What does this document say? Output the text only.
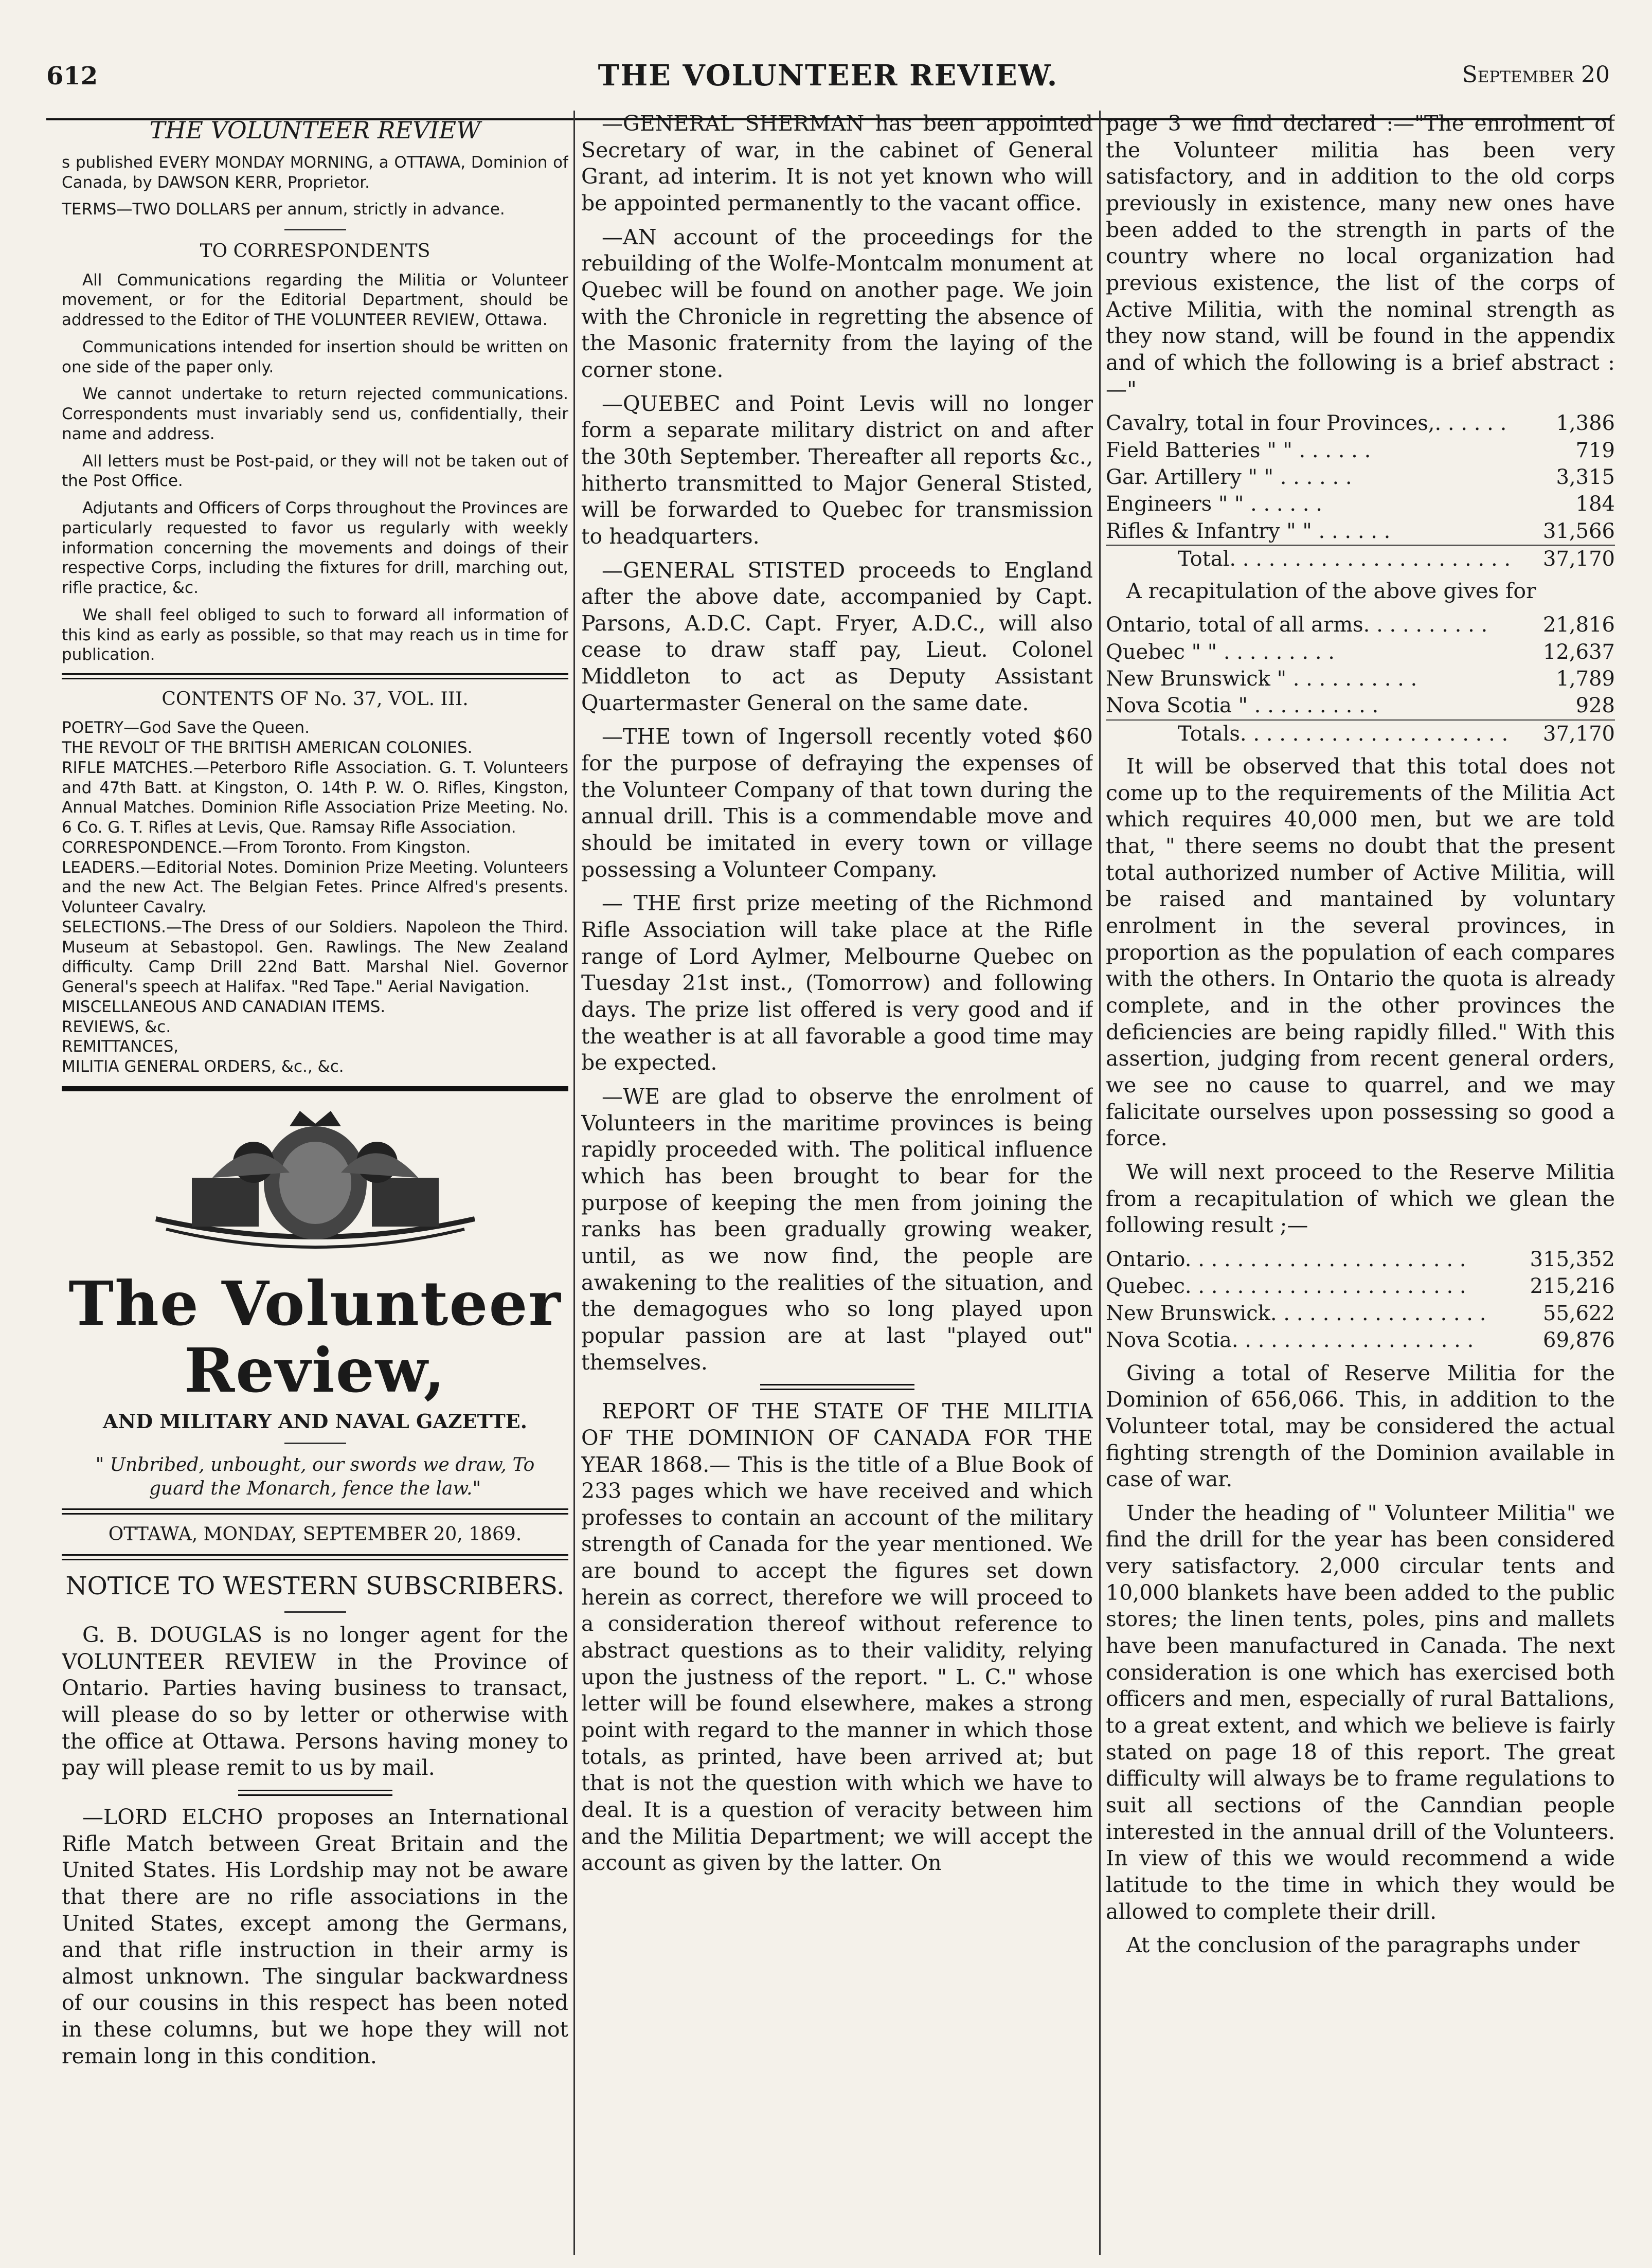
612	THE VOLUNTEER REVIEW.	September 20

THE VOLUNTEER REVIEW

s published EVERY MONDAY MORNING, a OTTAWA, Dominion of Canada, by DAWSON KERR, Proprietor.

TERMS—TWO DOLLARS per annum, strictly in advance.

TO CORRESPONDENTS

All Communications regarding the Militia or Volunteer movement, or for the Editorial Department, should be addressed to the Editor of THE VOLUNTEER REVIEW, Ottawa.

Communications intended for insertion should be written on one side of the paper only.

We cannot undertake to return rejected communications. Correspondents must invariably send us, confidentially, their name and address.

All letters must be Post-paid, or they will not be taken out of the Post Office.

Adjutants and Officers of Corps throughout the Provinces are particularly requested to favor us regularly with weekly information concerning the movements and doings of their respective Corps, including the fixtures for drill, marching out, rifle practice, &c.

We shall feel obliged to such to forward all information of this kind as early as possible, so that may reach us in time for publication.

CONTENTS OF No. 37, VOL. III.

POETRY—God Save the Queen.

THE REVOLT OF THE BRITISH AMERICAN COLONIES.

RIFLE MATCHES.—Peterboro Rifle Association. G. T. Volunteers and 47th Batt. at Kingston, O. 14th P. W. O. Rifles, Kingston, Annual Matches. Dominion Rifle Association Prize Meeting. No. 6 Co. G. T. Rifles at Levis, Que. Ramsay Rifle Association.

CORRESPONDENCE.—From Toronto. From Kingston.

LEADERS.—Editorial Notes. Dominion Prize Meeting. Volunteers and the new Act. The Belgian Fetes. Prince Alfred's presents. Volunteer Cavalry.

SELECTIONS.—The Dress of our Soldiers. Napoleon the Third. Museum at Sebastopol. Gen. Rawlings. The New Zealand difficulty. Camp Drill 22nd Batt. Marshal Niel. Governor General's speech at Halifax. "Red Tape." Aerial Navigation.

MISCELLANEOUS AND CANADIAN ITEMS.

REVIEWS, &c.

REMITTANCES,

MILITIA GENERAL ORDERS, &c., &c.

The Volunteer Review,

AND MILITARY AND NAVAL GAZETTE.

" Unbribed, unbought, our swords we draw, To guard the Monarch, fence the law."

OTTAWA, MONDAY, SEPTEMBER 20, 1869.

NOTICE TO WESTERN SUBSCRIBERS.

G. B. DOUGLAS is no longer agent for the VOLUNTEER REVIEW in the Province of Ontario. Parties having business to transact, will please do so by letter or otherwise with the office at Ottawa. Persons having money to pay will please remit to us by mail.

—LORD ELCHO proposes an International Rifle Match between Great Britain and the United States. His Lordship may not be aware that there are no rifle associations in the United States, except among the Germans, and that rifle instruction in their army is almost unknown. The singular backwardness of our cousins in this respect has been noted in these columns, but we hope they will not remain long in this condition.

—GENERAL SHERMAN has been appointed Secretary of war, in the cabinet of General Grant, ad interim. It is not yet known who will be appointed permanently to the vacant office.

—AN account of the proceedings for the rebuilding of the Wolfe-Montcalm monument at Quebec will be found on another page. We join with the Chronicle in regretting the absence of the Masonic fraternity from the laying of the corner stone.

—QUEBEC and Point Levis will no longer form a separate military district on and after the 30th September. Thereafter all reports &c., hitherto transmitted to Major General Stisted, will be forwarded to Quebec for transmission to headquarters.

—GENERAL STISTED proceeds to England after the above date, accompanied by Capt. Parsons, A.D.C. Capt. Fryer, A.D.C., will also cease to draw staff pay, Lieut. Colonel Middleton to act as Deputy Assistant Quartermaster General on the same date.

—THE town of Ingersoll recently voted $60 for the purpose of defraying the expenses of the Volunteer Company of that town during the annual drill. This is a commendable move and should be imitated in every town or village possessing a Volunteer Company.

— THE first prize meeting of the Richmond Rifle Association will take place at the Rifle range of Lord Aylmer, Melbourne Quebec on Tuesday 21st inst., (Tomorrow) and following days. The prize list offered is very good and if the weather is at all favorable a good time may be expected.

—WE are glad to observe the enrolment of Volunteers in the maritime provinces is being rapidly proceeded with. The political influence which has been brought to bear for the purpose of keeping the men from joining the ranks has been gradually growing weaker, until, as we now find, the people are awakening to the realities of the situation, and the demagogues who so long played upon popular passion are at last "played out" themselves.

REPORT OF THE STATE OF THE MILITIA OF THE DOMINION OF CANADA FOR THE YEAR 1868.— This is the title of a Blue Book of 233 pages which we have received and which professes to contain an account of the military strength of Canada for the year mentioned. We are bound to accept the figures set down herein as correct, therefore we will proceed to a consideration thereof without reference to abstract questions as to their validity, relying upon the justness of the report. " L. C." whose letter will be found elsewhere, makes a strong point with regard to the manner in which those totals, as printed, have been arrived at; but that is not the question with which we have to deal. It is a question of veracity between him and the Militia Department; we will accept the account as given by the latter. On

page 3 we find declared :—"The enrolment of the Volunteer militia has been very satisfactory, and in addition to the old corps previously in existence, many new ones have been added to the strength in parts of the country where no local organization had previous existence, the list of the corps of Active Militia, with the nominal strength as they now stand, will be found in the appendix and of which the following is a brief abstract :—"

Cavalry, total in four Provinces,. . . . . .	1,386
Field Batteries " " . . . . . .	719
Gar. Artillery " " . . . . . .	3,315
Engineers " " . . . . . .	184
Rifles & Infantry " " . . . . . .	31,566
Total. . . . . . . . . . . . . . . . . . . . . .	37,170

A recapitulation of the above gives for

Ontario, total of all arms. . . . . . . . . .	21,816
Quebec " " . . . . . . . . .	12,637
New Brunswick " . . . . . . . . . .	1,789
Nova Scotia " . . . . . . . . . .	928
Totals. . . . . . . . . . . . . . . . . . . . .	37,170

It will be observed that this total does not come up to the requirements of the Militia Act which requires 40,000 men, but we are told that, " there seems no doubt that the present total authorized number of Active Militia, will be raised and mantained by voluntary enrolment in the several provinces, in proportion as the population of each compares with the others. In Ontario the quota is already complete, and in the other provinces the deficiencies are being rapidly filled." With this assertion, judging from recent general orders, we see no cause to quarrel, and we may falicitate ourselves upon possessing so good a force.

We will next proceed to the Reserve Militia from a recapitulation of which we glean the following result ;—

Ontario. . . . . . . . . . . . . . . . . . . . . .	315,352
Quebec. . . . . . . . . . . . . . . . . . . . . .	215,216
New Brunswick. . . . . . . . . . . . . . . . .	55,622
Nova Scotia. . . . . . . . . . . . . . . . . . .	69,876

Giving a total of Reserve Militia for the Dominion of 656,066. This, in addition to the Volunteer total, may be considered the actual fighting strength of the Dominion available in case of war.

Under the heading of " Volunteer Militia" we find the drill for the year has been considered very satisfactory. 2,000 circular tents and 10,000 blankets have been added to the public stores; the linen tents, poles, pins and mallets have been manufactured in Canada. The next consideration is one which has exercised both officers and men, especially of rural Battalions, to a great extent, and which we believe is fairly stated on page 18 of this report. The great difficulty will always be to frame regulations to suit all sections of the Canndian people interested in the annual drill of the Volunteers. In view of this we would recommend a wide latitude to the time in which they would be allowed to complete their drill.

At the conclusion of the paragraphs under
